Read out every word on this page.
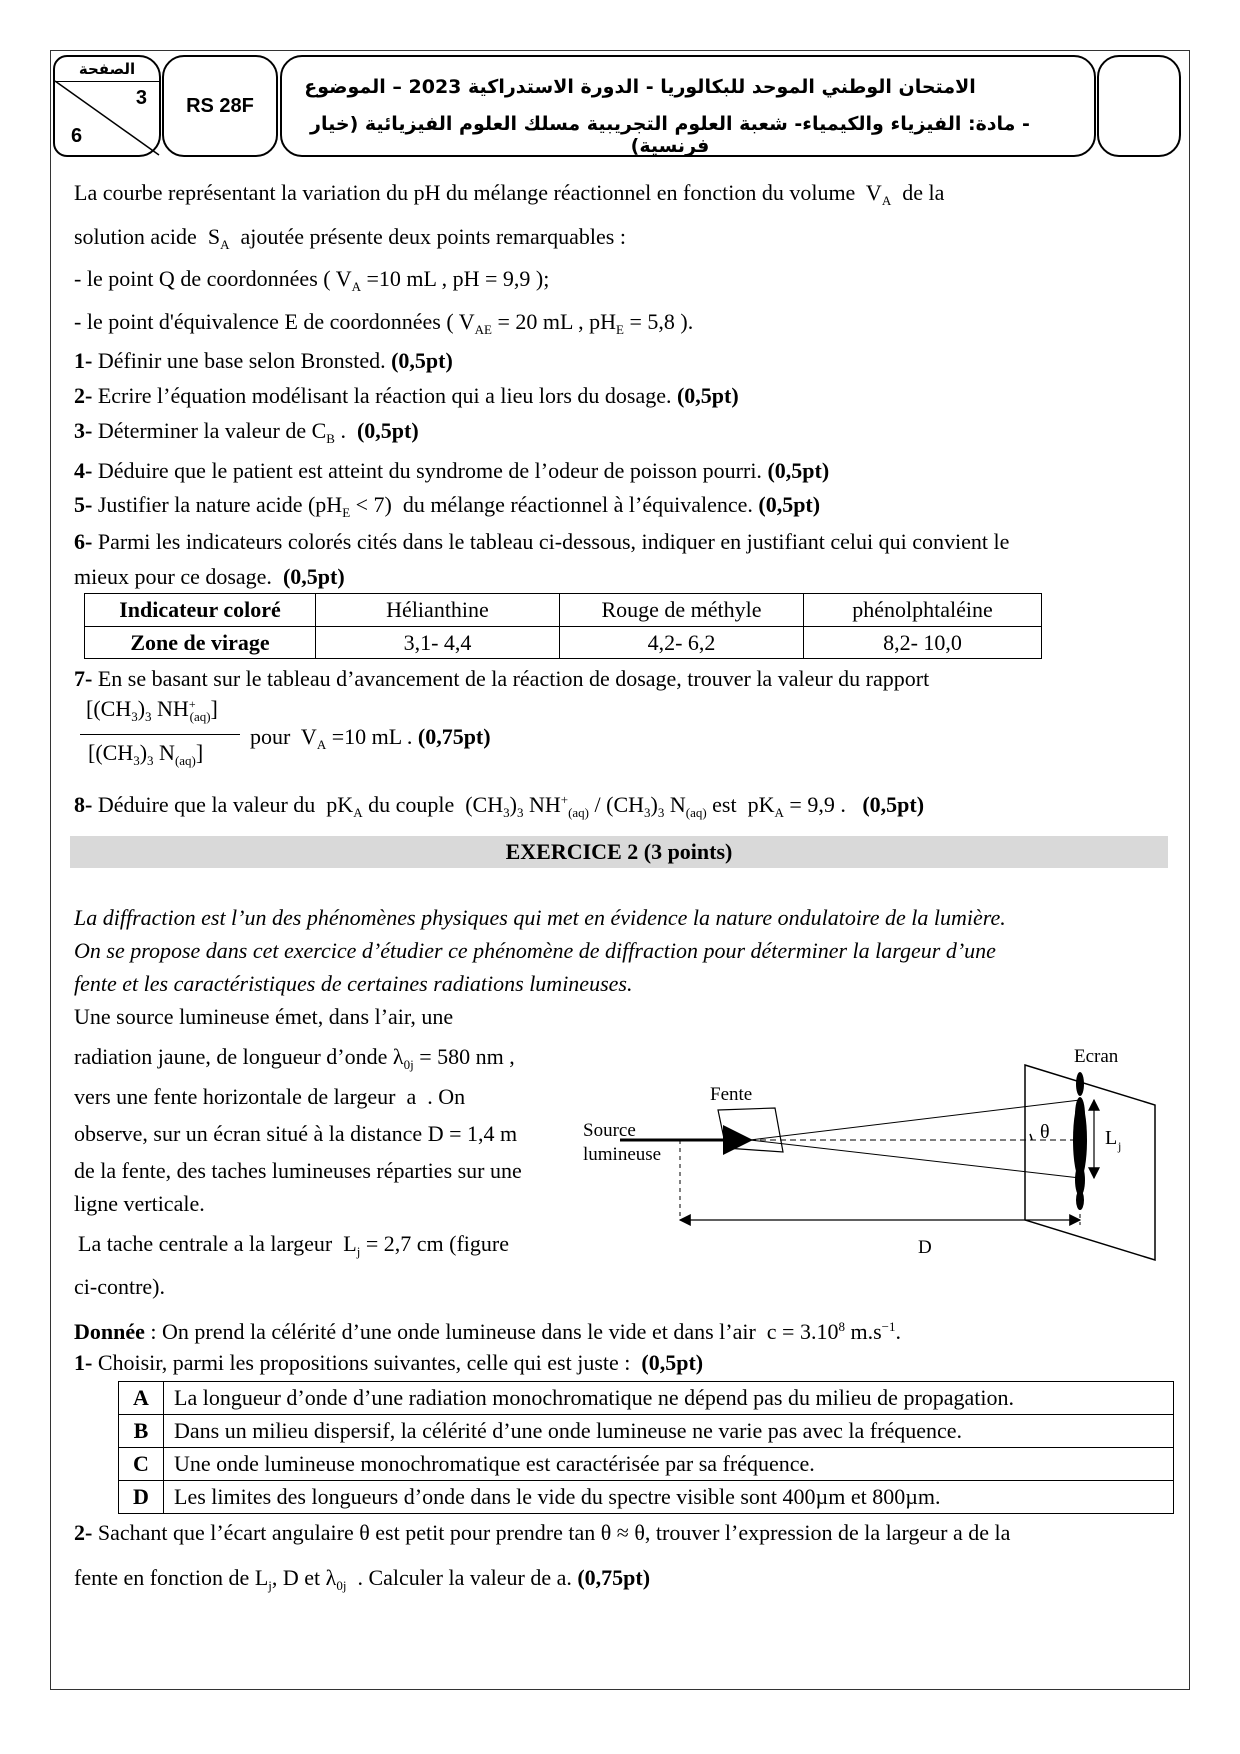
الصفحة
3
6
RS 28F
الامتحان الوطني الموحد للبكالوريا - الدورة الاستدراكية 2023 – الموضوع
- مادة: الفيزياء والكيمياء- شعبة العلوم التجريبية مسلك العلوم الفيزيائية (خيار فرنسية)
La courbe représentant la variation du pH du mélange réactionnel en fonction du volume  $V_A$ de la
solution acide  $S_A$ ajoutée présente deux points remarquables :
- le point Q de coordonnées ( $V_A =10$ mL , pH = 9,9 );
- le point d'équivalence E de coordonnées ( $V_{AE} = 20$ mL , $pH_E = 5,8$ ).
1- Définir une base selon Bronsted. (0,5pt)
2- Ecrire l’équation modélisant la réaction qui a lieu lors du dosage. (0,5pt)
3- Déterminer la valeur de $C_B$ .  (0,5pt)
4- Déduire que le patient est atteint du syndrome de l’odeur de poisson pourri. (0,5pt)
5- Justifier la nature acide $(pH_E < 7)$  du mélange réactionnel à l’équivalence. (0,5pt)
6- Parmi les indicateurs colorés cités dans le tableau ci-dessous, indiquer en justifiant celui qui convient le
mieux pour ce dosage. (0,5pt)
Indicateur coloré	Hélianthine	Rouge de méthyle	phénolphtaléine
Zone de virage	3,1- 4,4	4,2- 6,2	8,2- 10,0
7- En se basant sur le tableau d’avancement de la réaction de dosage, trouver la valeur du rapport
[$(CH_3)_3$ $NH^+_{(aq)}$]
[$(CH_3)_3$ $N_{(aq)}$]
pour  $V_A =10$ mL . (0,75pt)
8- Déduire que la valeur du  $pK_A$ du couple  $(CH_3)_3$ $NH^+_{(aq)} / (CH_3)_3$ $N_{(aq)}$ est  $pK_A = 9,9$ . (0,5pt)
EXERCICE 2 (3 points)
La diffraction est l’un des phénomènes physiques qui met en évidence la nature ondulatoire de la lumière.
On se propose dans cet exercice d’étudier ce phénomène de diffraction pour déterminer la largeur d’une
fente et les caractéristiques de certaines radiations lumineuses.
Une source lumineuse émet, dans l’air, une
radiation jaune, de longueur d’onde $\lambda_{0j} = 580$ nm ,
vers une fente horizontale de largeur a . On
observe, sur un écran situé à la distance D = 1,4 m
de la fente, des taches lumineuses réparties sur une
ligne verticale.
La tache centrale a la largeur  $L_j = 2,7$ cm (figure
ci-contre).
Ecran
Fente
Source
lumineuse
θ	L j
D
Donnée : On prend la célérité d’une onde lumineuse dans le vide et dans l’air $c = 3.10^8$ $m.s^{-1}$.
1- Choisir, parmi les propositions suivantes, celle qui est juste : (0,5pt)
A	La longueur d’onde d’une radiation monochromatique ne dépend pas du milieu de propagation.
B	Dans un milieu dispersif, la célérité d’une onde lumineuse ne varie pas avec la fréquence.
C	Une onde lumineuse monochromatique est caractérisée par sa fréquence.
D	Les limites des longueurs d’onde dans le vide du spectre visible sont 400µm et 800µm.
2- Sachant que l’écart angulaire θ est petit pour prendre tan θ ≈ θ, trouver l’expression de la largeur a de la
fente en fonction de $L_j$, D et $\lambda_{0j}$ . Calculer la valeur de a. (0,75pt)
